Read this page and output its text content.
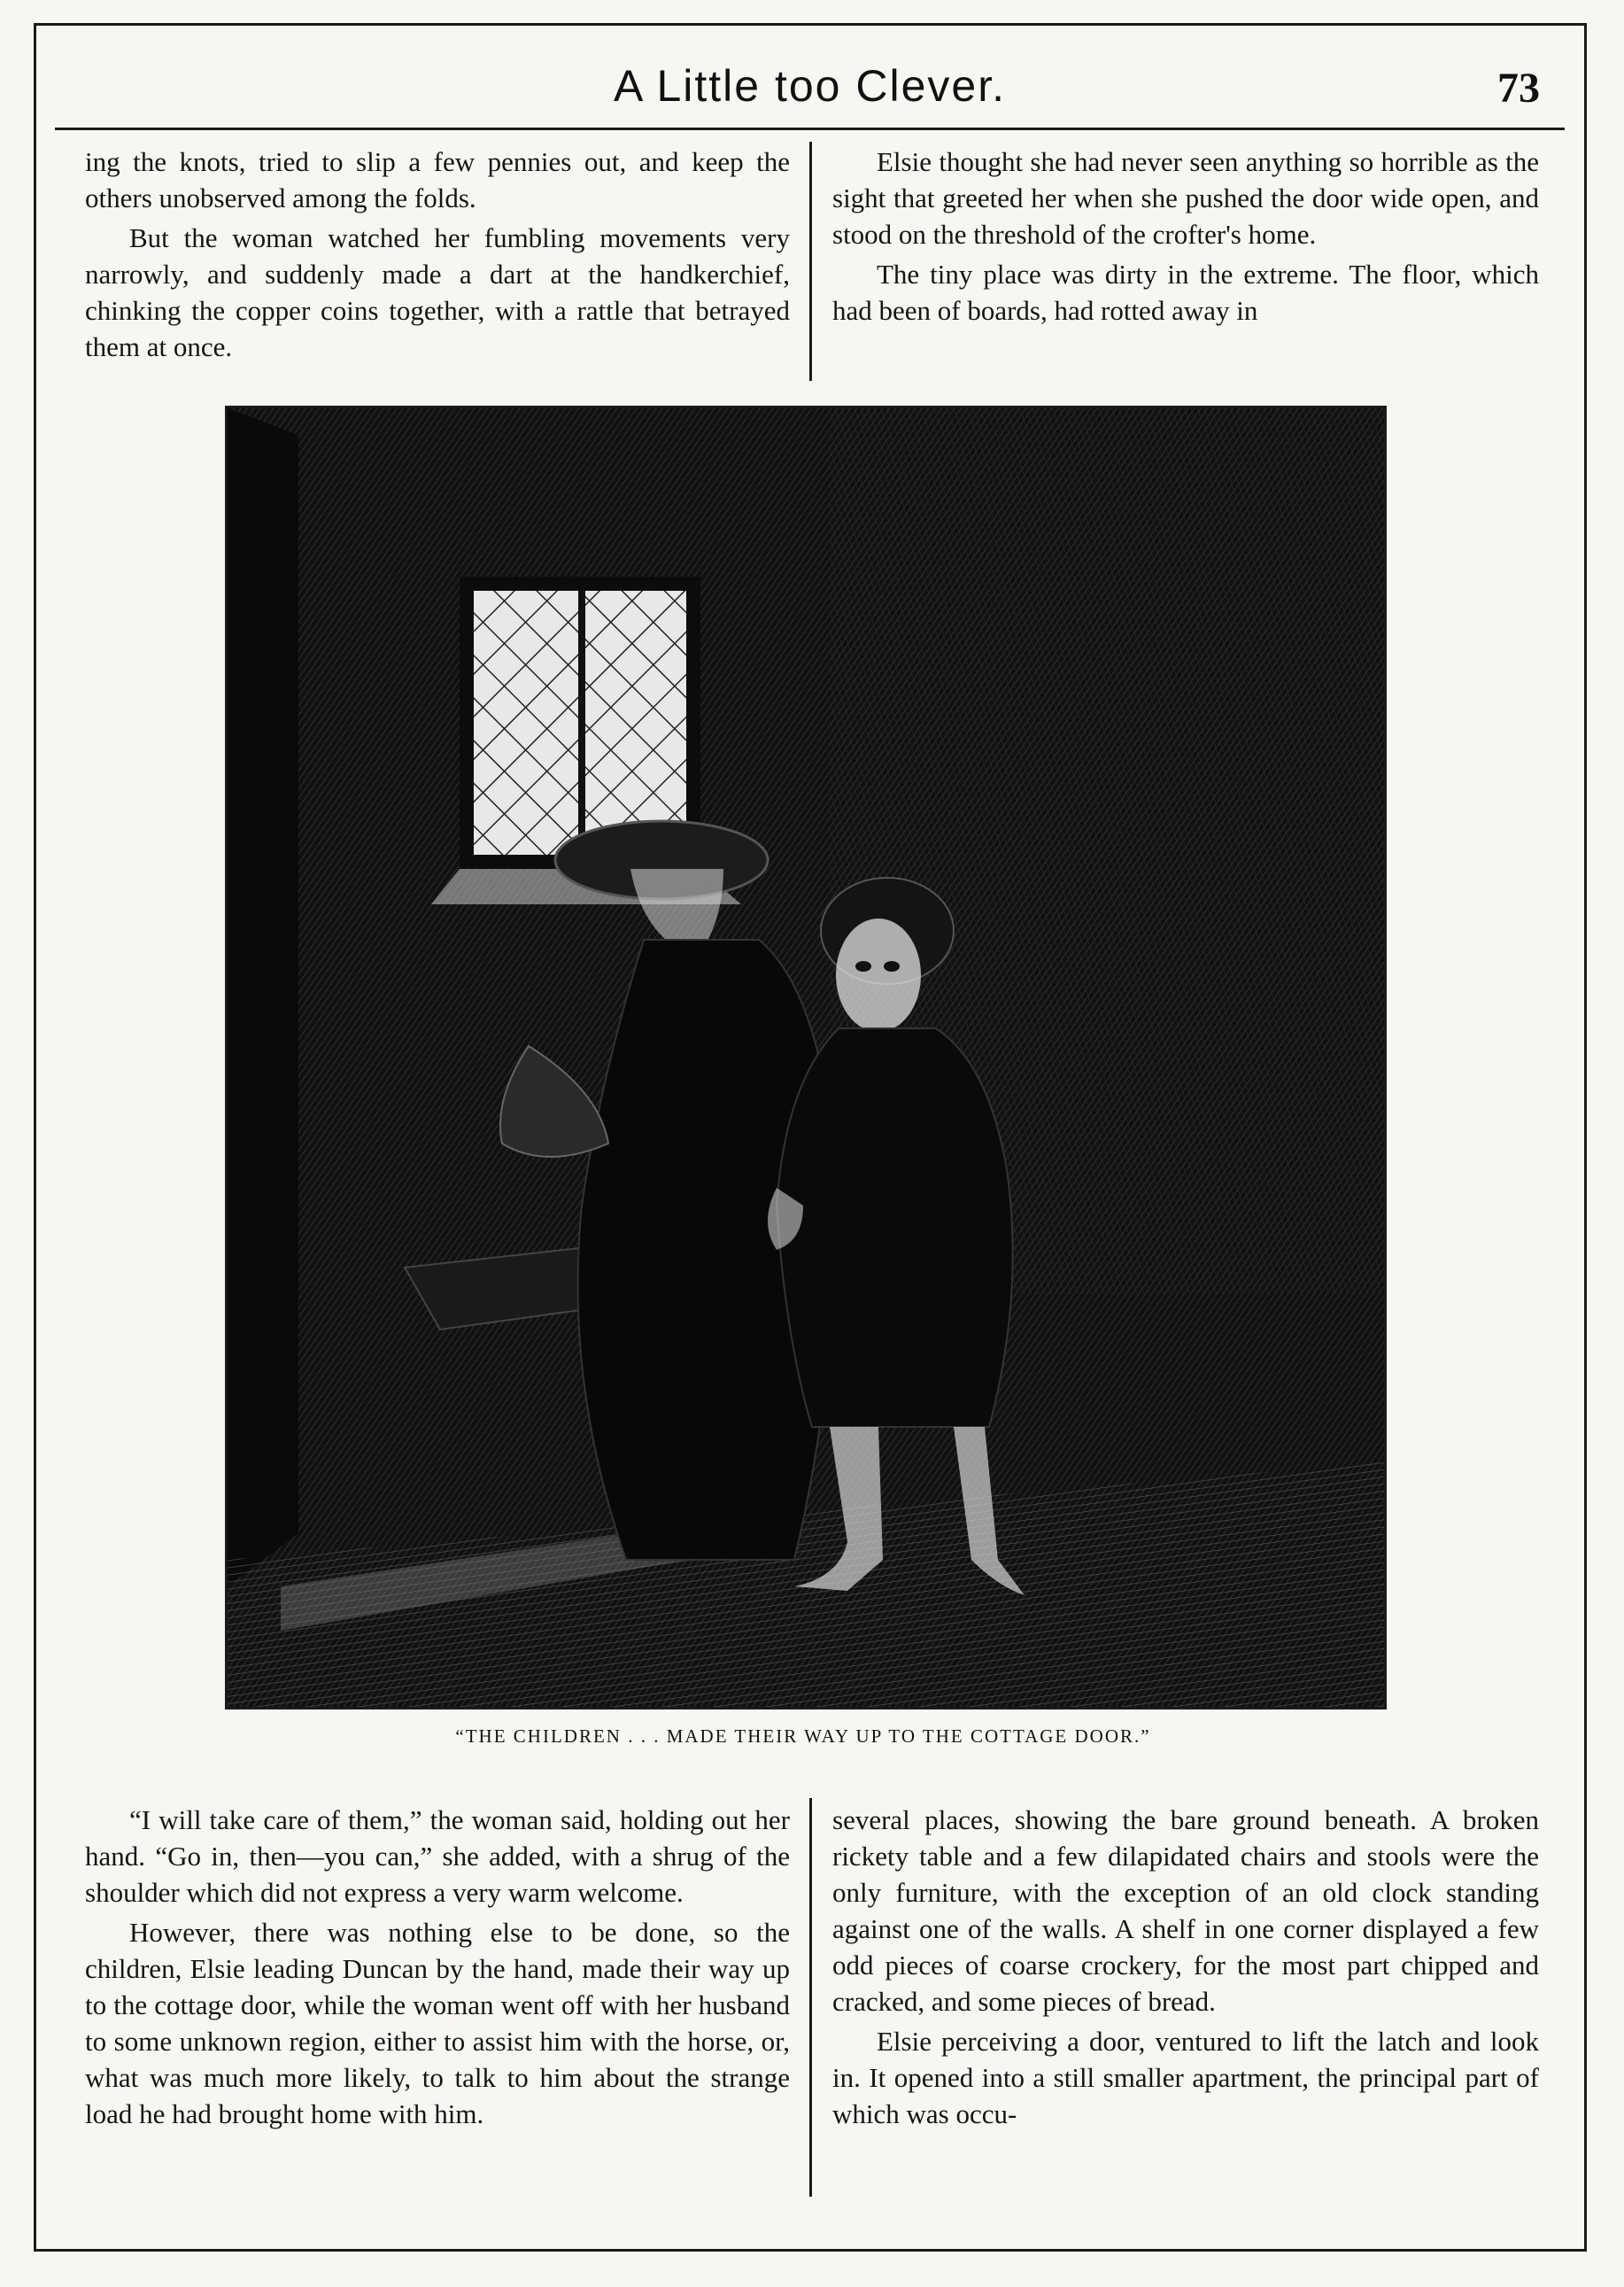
A Little too Clever.	73

ing the knots, tried to slip a few pennies out, and keep the others unobserved among the folds.

But the woman watched her fumbling movements very narrowly, and suddenly made a dart at the handkerchief, chinking the copper coins together, with a rattle that betrayed them at once.

Elsie thought she had never seen anything so horrible as the sight that greeted her when she pushed the door wide open, and stood on the threshold of the crofter's home.

The tiny place was dirty in the extreme. The floor, which had been of boards, had rotted away in

“THE CHILDREN . . . MADE THEIR WAY UP TO THE COTTAGE DOOR.”

“I will take care of them,” the woman said, holding out her hand. “Go in, then—you can,” she added, with a shrug of the shoulder which did not express a very warm welcome.

However, there was nothing else to be done, so the children, Elsie leading Duncan by the hand, made their way up to the cottage door, while the woman went off with her husband to some unknown region, either to assist him with the horse, or, what was much more likely, to talk to him about the strange load he had brought home with him.

several places, showing the bare ground beneath. A broken rickety table and a few dilapidated chairs and stools were the only furniture, with the exception of an old clock standing against one of the walls. A shelf in one corner displayed a few odd pieces of coarse crockery, for the most part chipped and cracked, and some pieces of bread.

Elsie perceiving a door, ventured to lift the latch and look in. It opened into a still smaller apartment, the principal part of which was occu-
